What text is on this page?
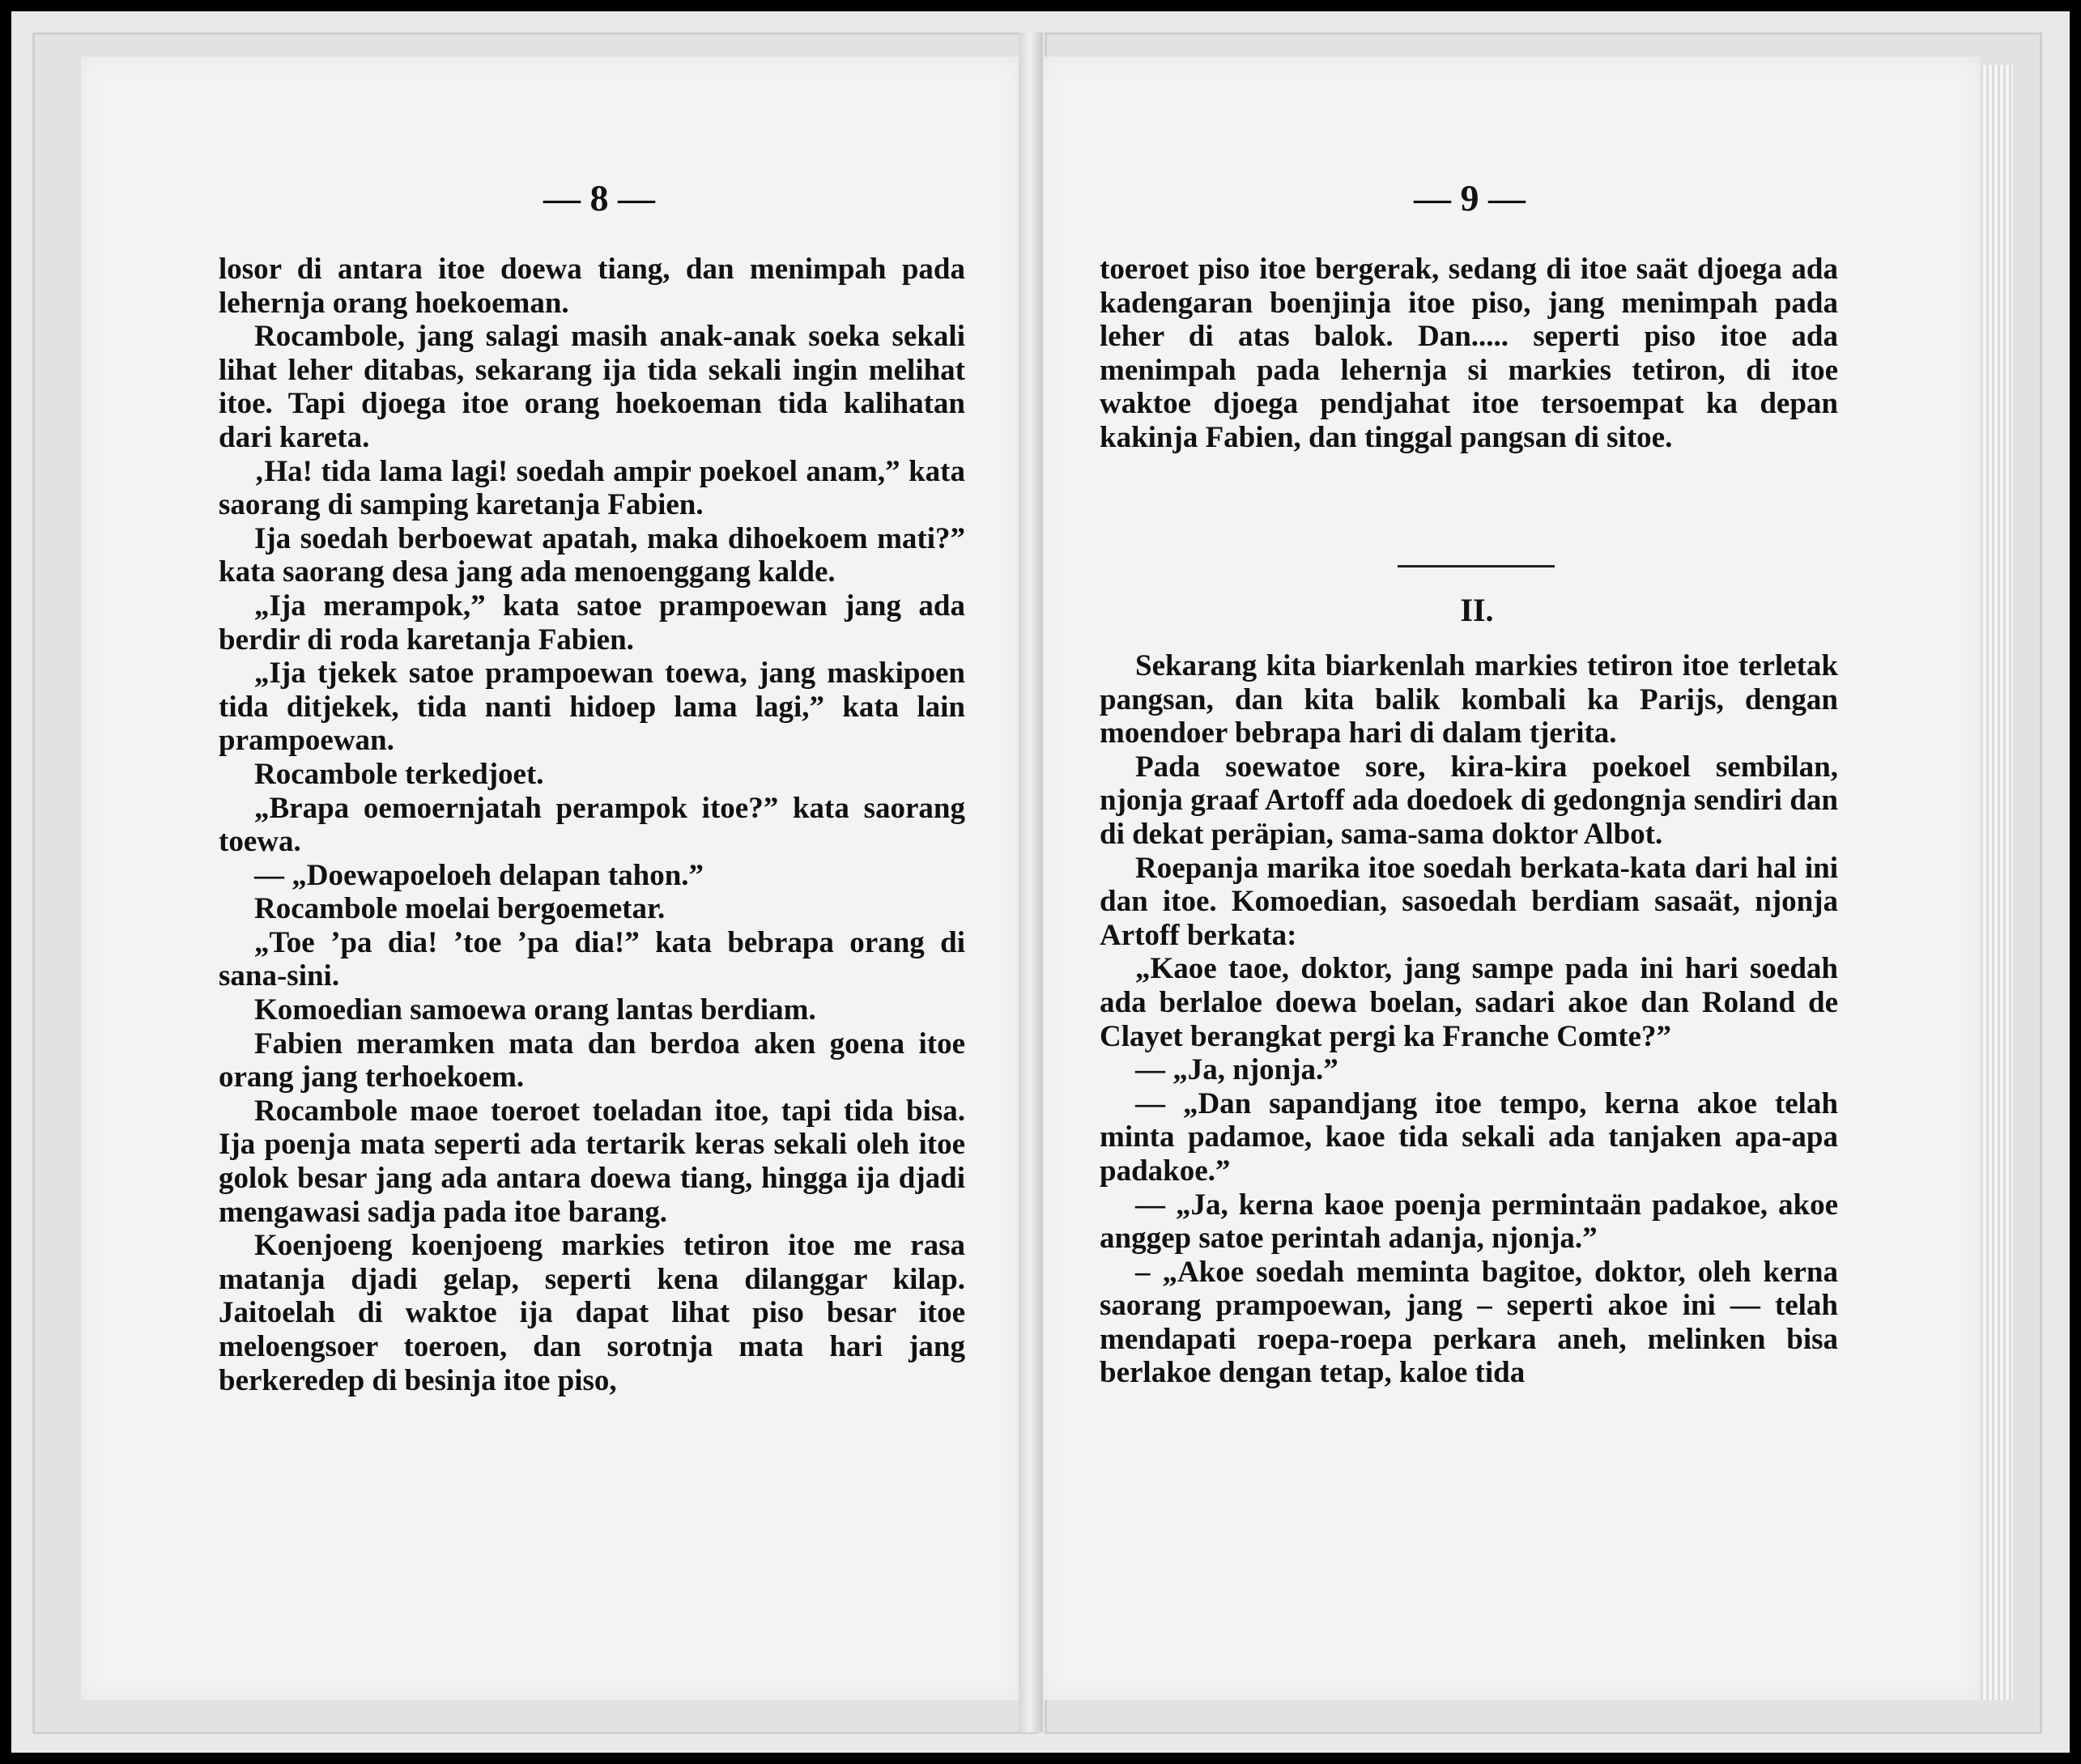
— 8 —	— 9 —

losor di antara itoe doewa tiang, dan menimpah pada lehernja orang hoekoeman.

Rocambole, jang salagi masih anak-anak soeka sekali lihat leher ditabas, sekarang ija tida sekali ingin melihat itoe. Tapi djoega itoe orang hoekoeman tida kalihatan dari kareta.

‚Ha! tida lama lagi! soedah ampir poekoel anam,” kata saorang di samping karetanja Fabien.

Ija soedah berboewat apatah, maka dihoekoem mati?” kata saorang desa jang ada menoenggang kalde.

„Ija merampok,” kata satoe prampoewan jang ada berdir di roda karetanja Fabien.

„Ija tjekek satoe prampoewan toewa, jang maskipoen tida ditjekek, tida nanti hidoep lama lagi,” kata lain prampoewan.

Rocambole terkedjoet.

„Brapa oemoernjatah perampok itoe?” kata saorang toewa.

— „Doewapoeloeh delapan tahon.”

Rocambole moelai bergoemetar.

„Toe ’pa dia! ’toe ’pa dia!” kata bebrapa orang di sana-sini.

Komoedian samoewa orang lantas berdiam.

Fabien meramken mata dan berdoa aken goena itoe orang jang terhoekoem.

Rocambole maoe toeroet toeladan itoe, tapi tida bisa. Ija poenja mata seperti ada tertarik keras sekali oleh itoe golok besar jang ada antara doewa tiang, hingga ija djadi mengawasi sadja pada itoe barang.

Koenjoeng koenjoeng markies tetiron itoe me rasa matanja djadi gelap, seperti kena dilanggar kilap. Jaitoelah di waktoe ija dapat lihat piso besar itoe meloengsoer toeroen, dan sorotnja mata hari jang berkeredep di besinja itoe piso,

toeroet piso itoe bergerak, sedang di itoe saät djoega ada kadengaran boenjinja itoe piso, jang menimpah pada leher di atas balok. Dan..... seperti piso itoe ada menimpah pada lehernja si markies tetiron, di itoe waktoe djoega pendjahat itoe tersoempat ka depan kakinja Fabien, dan tinggal pangsan di sitoe.

II.

Sekarang kita biarkenlah markies tetiron itoe terletak pangsan, dan kita balik kombali ka Parijs, dengan moendoer bebrapa hari di dalam tjerita.

Pada soewatoe sore, kira-kira poekoel sembilan, njonja graaf Artoff ada doedoek di gedongnja sendiri dan di dekat peräpian, sama-sama doktor Albot.

Roepanja marika itoe soedah berkata-kata dari hal ini dan itoe. Komoedian, sasoedah berdiam sasaät, njonja Artoff berkata:

„Kaoe taoe, doktor, jang sampe pada ini hari soedah ada berlaloe doewa boelan, sadari akoe dan Roland de Clayet berangkat pergi ka Franche Comte?”

— „Ja, njonja.”

— „Dan sapandjang itoe tempo, kerna akoe telah minta padamoe, kaoe tida sekali ada tanjaken apa-apa padakoe.”

— „Ja, kerna kaoe poenja permintaän padakoe, akoe anggep satoe perintah adanja, njonja.”

– „Akoe soedah meminta bagitoe, doktor, oleh kerna saorang prampoewan, jang – seperti akoe ini — telah mendapati roepa-roepa perkara aneh, melinken bisa berlakoe dengan tetap, kaloe tida
